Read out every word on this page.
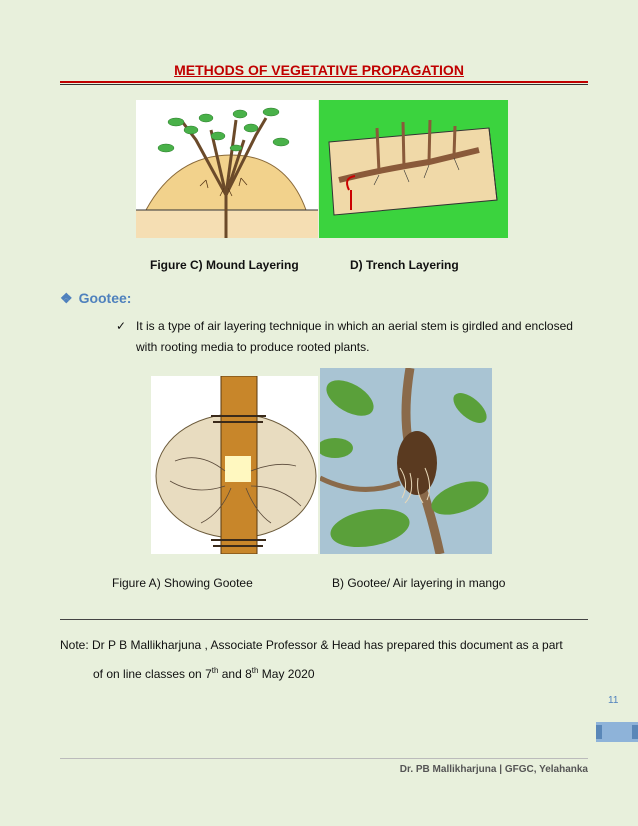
METHODS OF VEGETATIVE PROPAGATION
Figure C) Mound Layering	D) Trench Layering
❖ Gootee:
✓ It is a type of air layering technique in which an aerial stem is girdled and enclosed with rooting media to produce rooted plants.
Figure A) Showing Gootee	B) Gootee/ Air layering in mango
Note: Dr P B Mallikharjuna , Associate Professor & Head has prepared this document as a part
of on line classes on 7th and 8th May 2020
11
Dr. PB Mallikharjuna | GFGC, Yelahanka
